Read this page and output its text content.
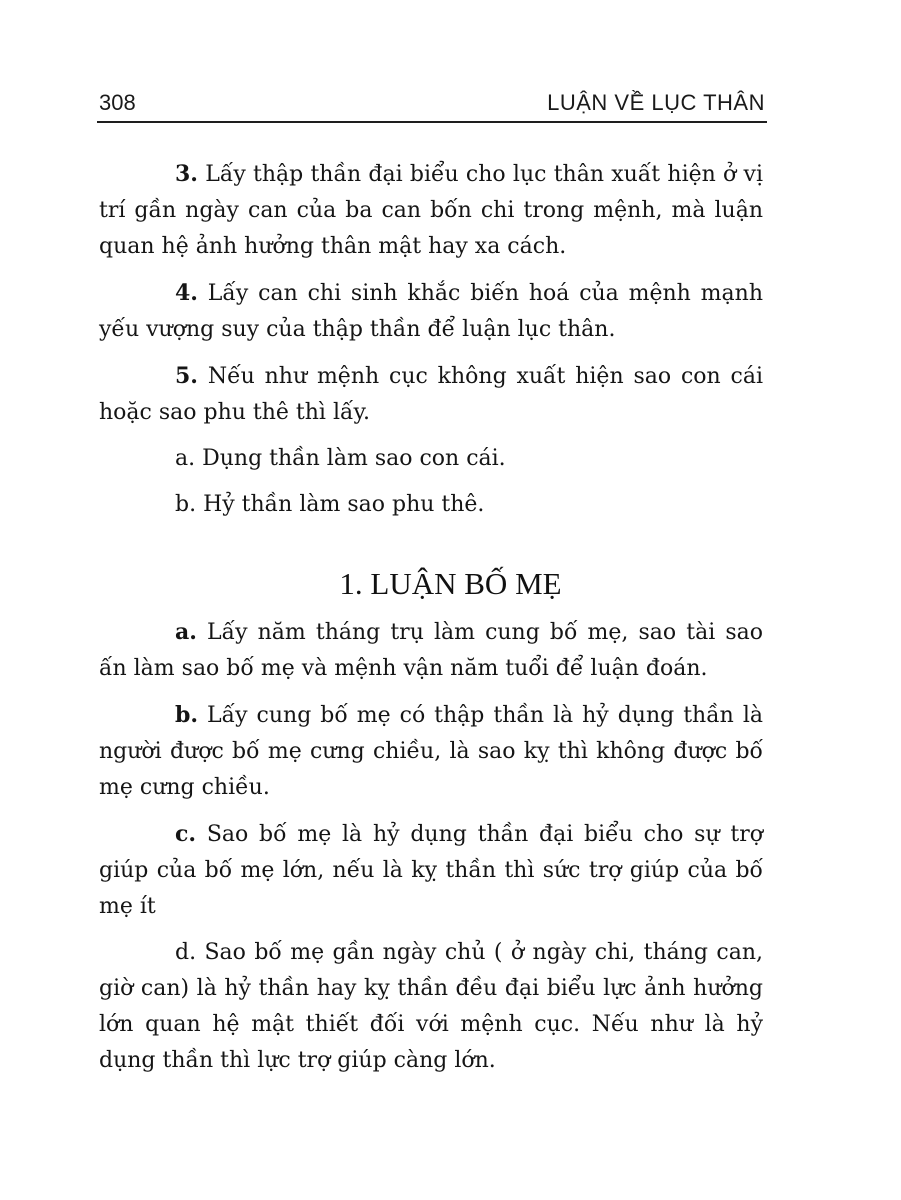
308	LUẬN VỀ LỤC THÂN

3. Lấy thập thần đại biểu cho lục thân xuất hiện ở vị trí gần ngày can của ba can bốn chi trong mệnh, mà luận quan hệ ảnh hưởng thân mật hay xa cách.

4. Lấy can chi sinh khắc biến hoá của mệnh mạnh yếu vượng suy của thập thần để luận lục thân.

5. Nếu như mệnh cục không xuất hiện sao con cái hoặc sao phu thê thì lấy.

a. Dụng thần làm sao con cái.

b. Hỷ thần làm sao phu thê.

1. LUẬN BỐ MẸ

a. Lấy năm tháng trụ làm cung bố mẹ, sao tài sao ấn làm sao bố mẹ và mệnh vận năm tuổi để luận đoán.

b. Lấy cung bố mẹ có thập thần là hỷ dụng thần là người được bố mẹ cưng chiều, là sao kỵ thì không được bố mẹ cưng chiều.

c. Sao bố mẹ là hỷ dụng thần đại biểu cho sự trợ giúp của bố mẹ lớn, nếu là kỵ thần thì sức trợ giúp của bố mẹ ít

d. Sao bố mẹ gần ngày chủ ( ở ngày chi, tháng can, giờ can) là hỷ thần hay kỵ thần đều đại biểu lực ảnh hưởng lớn quan hệ mật thiết đối với mệnh cục. Nếu như là hỷ dụng thần thì lực trợ giúp càng lớn.
